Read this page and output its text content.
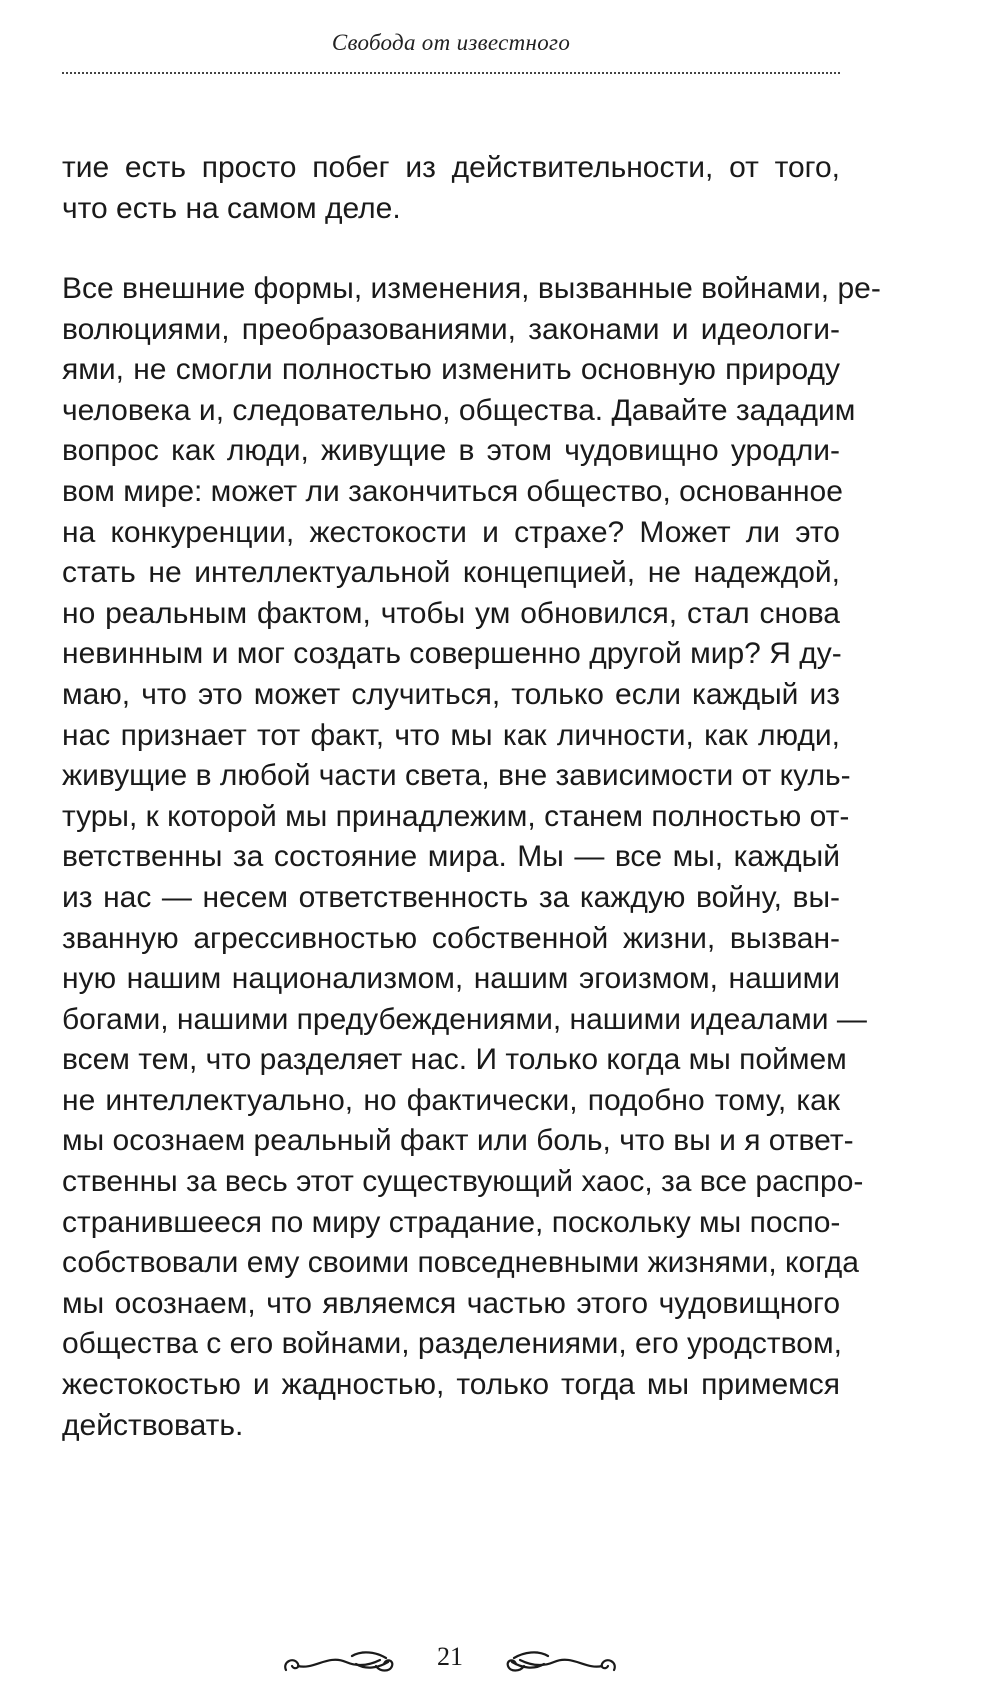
Свобода от известного
тие есть просто побег из действительности, от того,
что есть на самом деле.
Все внешние формы, изменения, вызванные войнами, ре-
волюциями, преобразованиями, законами и идеологи-
ями, не смогли полностью изменить основную природу
человека и, следовательно, общества. Давайте зададим
вопрос как люди, живущие в этом чудовищно уродли-
вом мире: может ли закончиться общество, основанное
на конкуренции, жестокости и страхе? Может ли это
стать не интеллектуальной концепцией, не надеждой,
но реальным фактом, чтобы ум обновился, стал снова
невинным и мог создать совершенно другой мир? Я ду-
маю, что это может случиться, только если каждый из
нас признает тот факт, что мы как личности, как люди,
живущие в любой части света, вне зависимости от куль-
туры, к которой мы принадлежим, станем полностью от-
ветственны за состояние мира. Мы — все мы, каждый
из нас — несем ответственность за каждую войну, вы-
званную агрессивностью собственной жизни, вызван-
ную нашим национализмом, нашим эгоизмом, нашими
богами, нашими предубеждениями, нашими идеалами —
всем тем, что разделяет нас. И только когда мы поймем
не интеллектуально, но фактически, подобно тому, как
мы осознаем реальный факт или боль, что вы и я ответ-
ственны за весь этот существующий хаос, за все распро-
странившееся по миру страдание, поскольку мы поспо-
собствовали ему своими повседневными жизнями, когда
мы осознаем, что являемся частью этого чудовищного
общества с его войнами, разделениями, его уродством,
жестокостью и жадностью, только тогда мы примемся
действовать.
21
